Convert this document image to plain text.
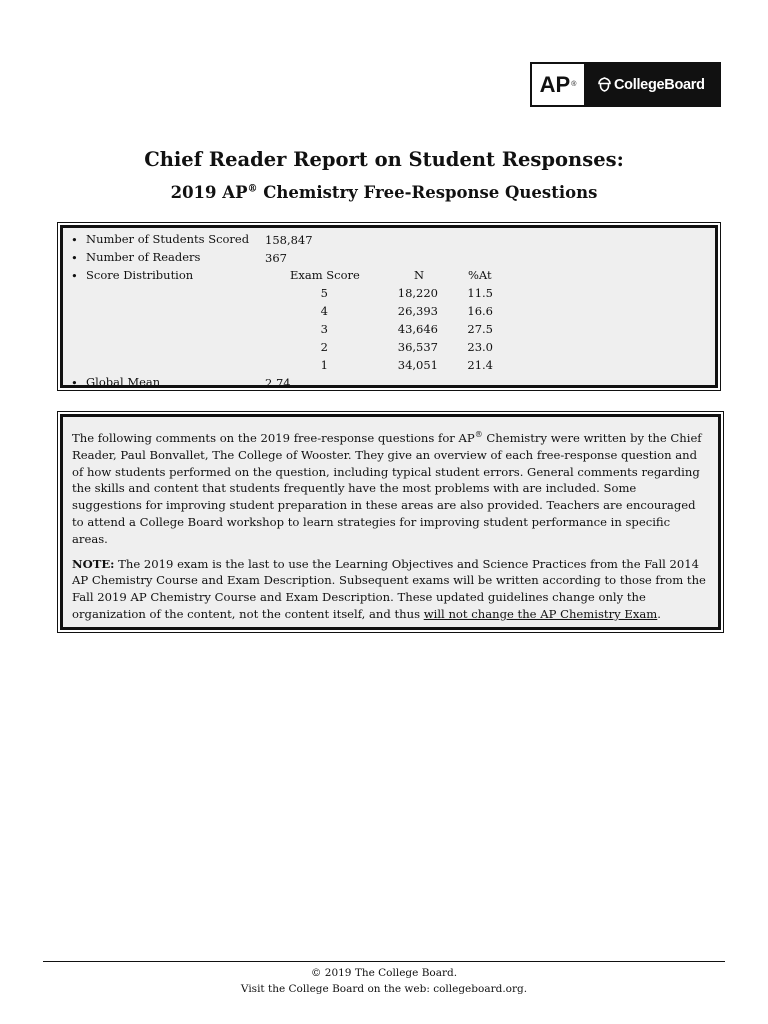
AP ®	CollegeBoard
Chief Reader Report on Student Responses:
2019 AP® Chemistry Free-Response Questions
• Number of Students Scored 158,847
• Number of Readers	367
• Score Distribution	Exam Score	N	%At
5	18,220	11.5
4	26,393	16.6
3	43,646	27.5
2	36,537	23.0
1	34,051	21.4
• Global Mean	2.74

The following comments on the 2019 free-response questions for AP® Chemistry were written by the Chief Reader, Paul Bonvallet, The College of Wooster. They give an overview of each free-response question and of how students performed on the question, including typical student errors. General comments regarding the skills and content that students frequently have the most problems with are included. Some suggestions for improving student preparation in these areas are also provided. Teachers are encouraged to attend a College Board workshop to learn strategies for improving student performance in specific areas.

NOTE: The 2019 exam is the last to use the Learning Objectives and Science Practices from the Fall 2014 AP Chemistry Course and Exam Description. Subsequent exams will be written according to those from the Fall 2019 AP Chemistry Course and Exam Description. These updated guidelines change only the organization of the content, not the content itself, and thus will not change the AP Chemistry Exam.

© 2019 The College Board.
Visit the College Board on the web: collegeboard.org.
